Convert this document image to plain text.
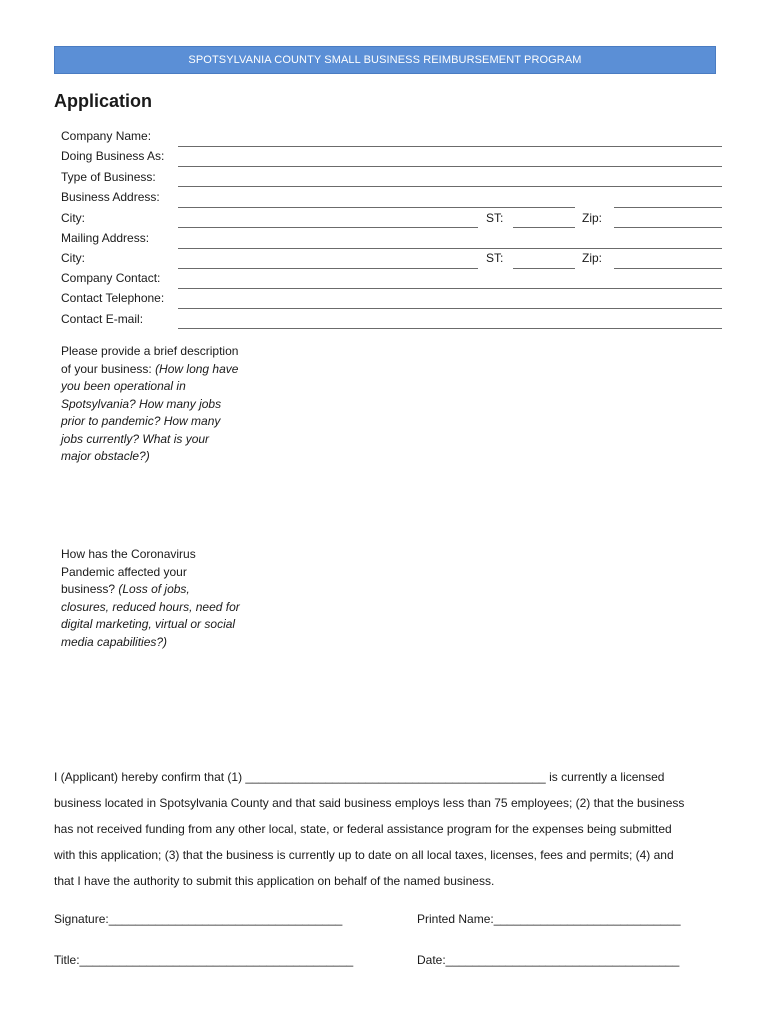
SPOTSYLVANIA COUNTY SMALL BUSINESS REIMBURSEMENT PROGRAM
Application
Company Name:
Doing Business As:
Type of Business:
Business Address:
City:	ST:	Zip:
Mailing Address:
City:	ST:	Zip:
Company Contact:
Contact Telephone:
Contact E-mail:
Please provide a brief description of your business: (How long have you been operational in Spotsylvania? How many jobs prior to pandemic? How many jobs currently? What is your major obstacle?)
How has the Coronavirus Pandemic affected your business? (Loss of jobs, closures, reduced hours, need for digital marketing, virtual or social media capabilities?)
I (Applicant) hereby confirm that (1) _____________________________________________ is currently a licensed
business located in Spotsylvania County and that said business employs less than 75 employees; (2) that the business
has not received funding from any other local, state, or federal assistance program for the expenses being submitted
with this application; (3) that the business is currently up to date on all local taxes, licenses, fees and permits; (4) and
that I have the authority to submit this application on behalf of the named business.
Signature:___________________________________	Printed Name:____________________________
Title:_________________________________________	Date:___________________________________
